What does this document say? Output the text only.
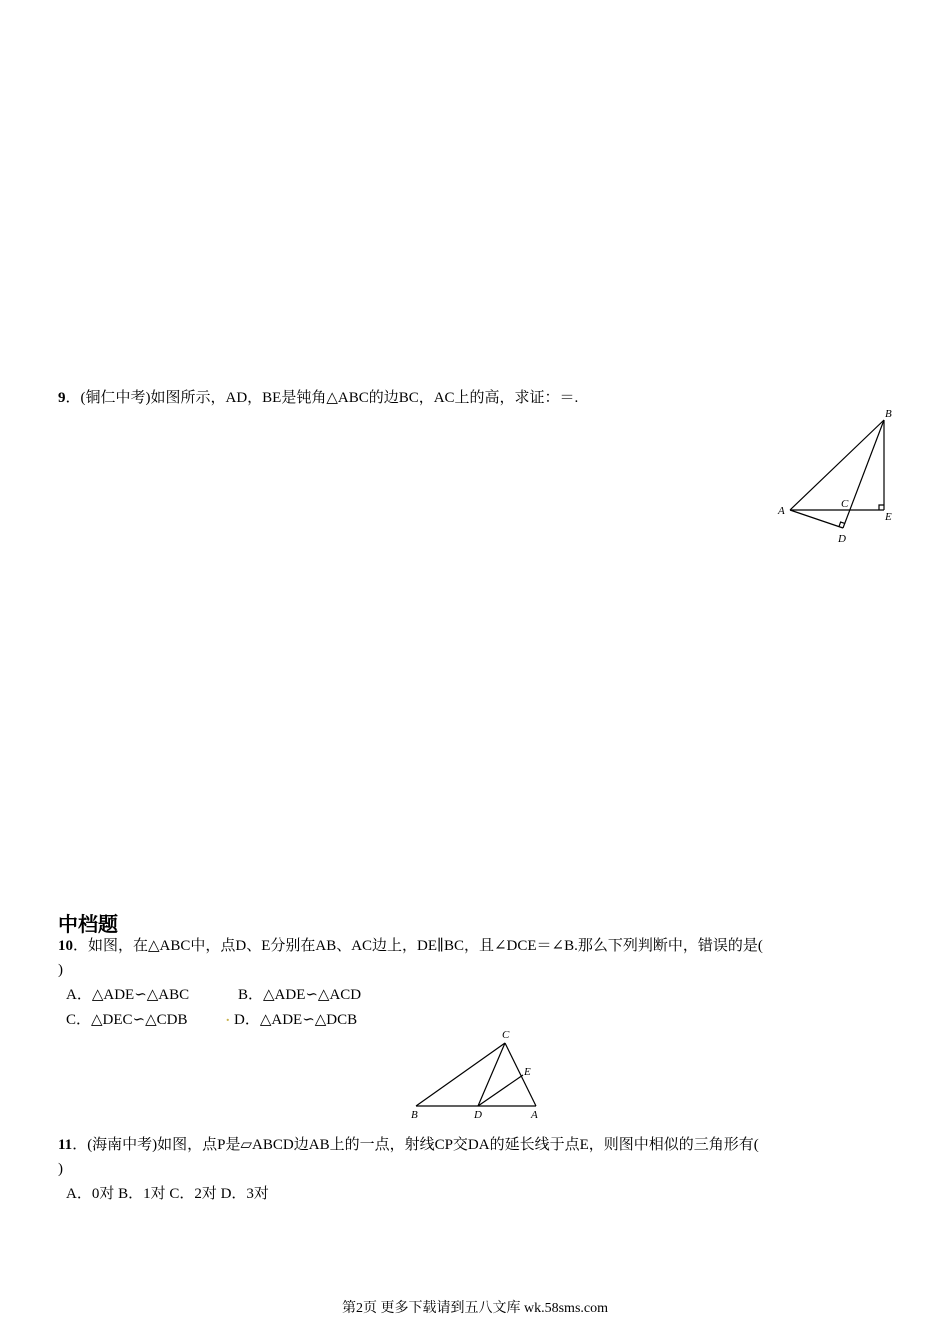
9．(铜仁中考)如图所示，AD，BE是钝角△ABC的边BC，AC上的高，求证：＝.
B
A
C
E
D
中档题
10．如图，在△ABC中，点D、E分别在AB、AC边上，DE∥BC，且∠DCE＝∠B.那么下列判断中，错误的是(
)
A．△ADE∽△ABC	B．△ADE∽△ACD
C．△DEC∽△CDB	. D．△ADE∽△DCB
C
E
B	D	A
11．(海南中考)如图，点P是▱ABCD边AB上的一点，射线CP交DA的延长线于点E，则图中相似的三角形有(
)
A．0对 B．1对 C．2对 D．3对
第2页 更多下载请到五八文库 wk.58sms.com
